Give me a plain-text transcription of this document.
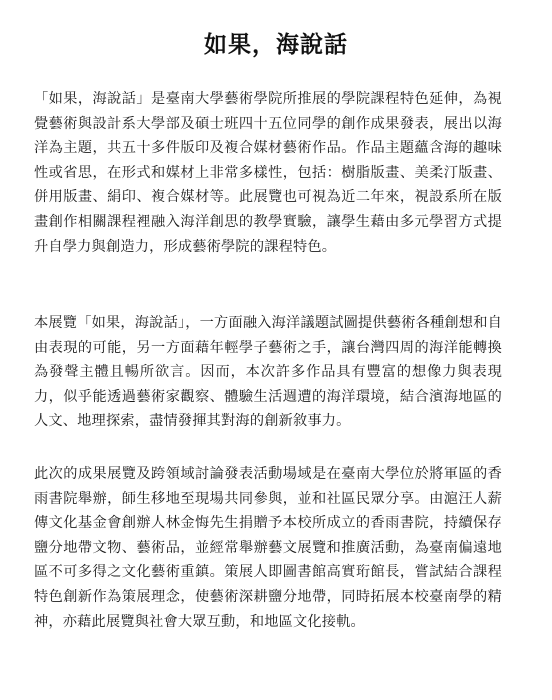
如果，海說話

「如果，海說話」是臺南大學藝術學院所推展的學院課程特色延伸，為視覺藝術與設計系大學部及碩士班四十五位同學的創作成果發表，展出以海洋為主題，共五十多件版印及複合媒材藝術作品。作品主題蘊含海的趣味性或省思，在形式和媒材上非常多樣性，包括：樹脂版畫、美柔汀版畫、併用版畫、絹印、複合媒材等。此展覽也可視為近二年來，視設系所在版畫創作相關課程裡融入海洋創思的教學實驗，讓學生藉由多元學習方式提升自學力與創造力，形成藝術學院的課程特色。

本展覽「如果，海說話」，一方面融入海洋議題試圖提供藝術各種創想和自由表現的可能，另一方面藉年輕學子藝術之手，讓台灣四周的海洋能轉換為發聲主體且暢所欲言。因而，本次許多作品具有豐富的想像力與表現力，似乎能透過藝術家觀察、體驗生活週遭的海洋環境，結合濱海地區的人文、地理探索，盡情發揮其對海的創新敘事力。

此次的成果展覽及跨領域討論發表活動場域是在臺南大學位於將軍區的香雨書院舉辦，師生移地至現場共同參與，並和社區民眾分享。由滬汪人薪傳文化基金會創辦人林金悔先生捐贈予本校所成立的香雨書院，持續保存鹽分地帶文物、藝術品，並經常舉辦藝文展覽和推廣活動，為臺南偏遠地區不可多得之文化藝術重鎮。策展人即圖書館高實珩館長，嘗試結合課程特色創新作為策展理念，使藝術深耕鹽分地帶，同時拓展本校臺南學的精神，亦藉此展覽與社會大眾互動，和地區文化接軌。
